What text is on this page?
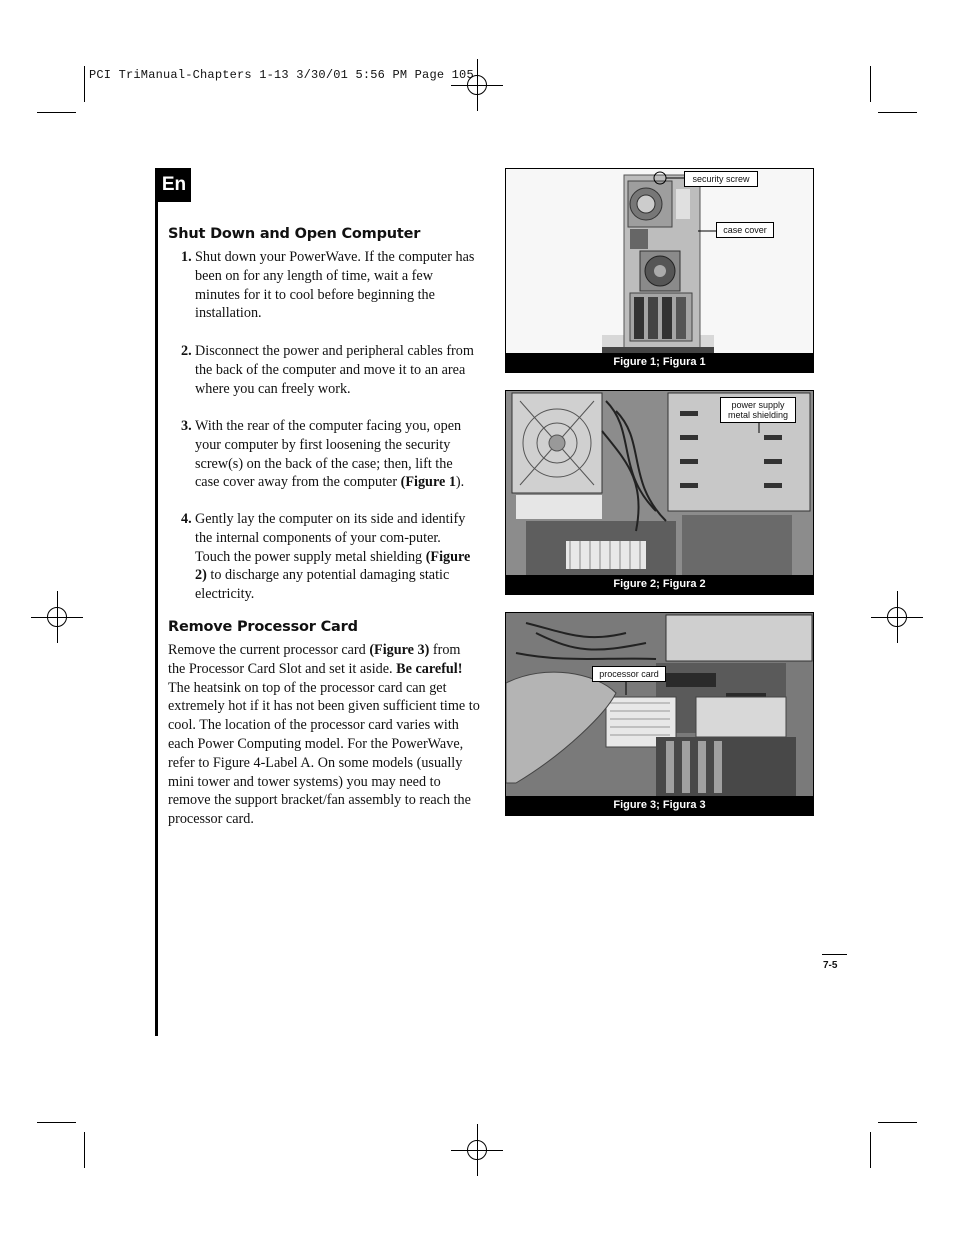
PCI TriManual-Chapters 1-13 3/30/01 5:56 PM Page 105
En
Shut Down and Open Computer
1. Shut down your PowerWave. If the computer has been on for any length of time, wait a few minutes for it to cool before beginning the installation.
2. Disconnect the power and peripheral cables from the back of the computer and move it to an area where you can freely work.
3. With the rear of the computer facing you, open your computer by first loosening the security screw(s) on the back of the case; then, lift the case cover away from the computer (Figure 1).
4. Gently lay the computer on its side and identify the internal components of your com-puter. Touch the power supply metal shielding (Figure 2) to discharge any potential damaging static electricity.
Remove Processor Card
Remove the current processor card (Figure 3) from the Processor Card Slot and set it aside. Be careful! The heatsink on top of the processor card can get extremely hot if it has not been given sufficient time to cool. The location of the processor card varies with each Power Computing model. For the PowerWave, refer to Figure 4-Label A. On some models (usually mini tower and tower systems) you may need to remove the support bracket/fan assembly to reach the processor card.
security screw
case cover
Figure 1; Figura 1
power supply
metal shielding
Figure 2; Figura 2
processor card
Figure 3; Figura 3
7-5
